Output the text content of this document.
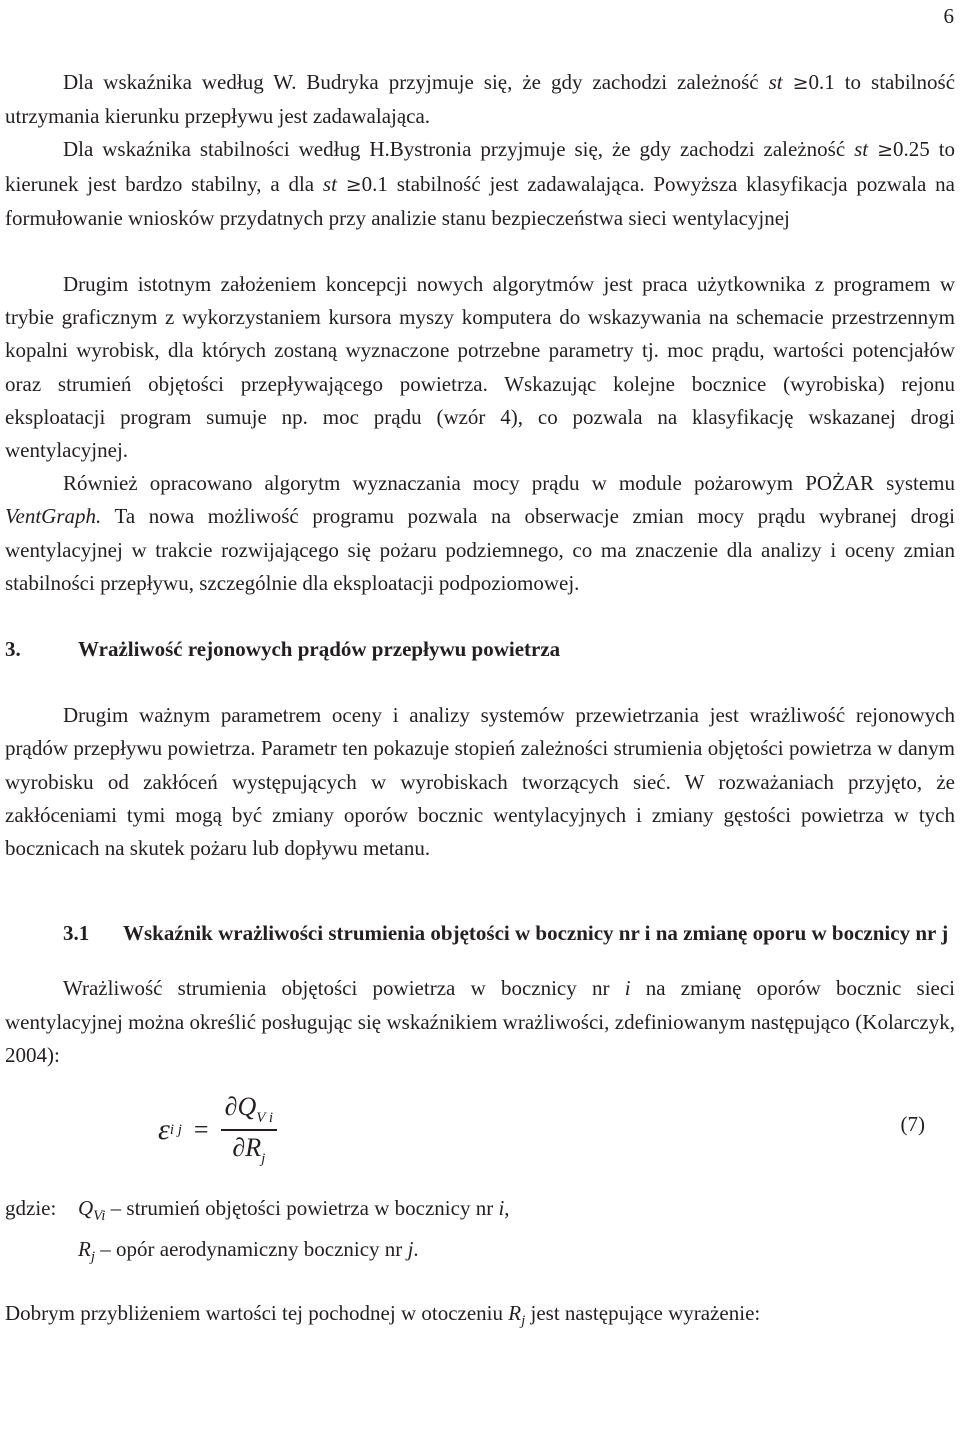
6

Dla wskaźnika według W. Budryka przyjmuje się, że gdy zachodzi zależność st ≥0.1 to stabilność utrzymania kierunku przepływu jest zadawalająca.

Dla wskaźnika stabilności według H.Bystronia przyjmuje się, że gdy zachodzi zależność st ≥0.25 to kierunek jest bardzo stabilny, a dla st ≥0.1 stabilność jest zadawalająca. Powyższa klasyfikacja pozwala na formułowanie wniosków przydatnych przy analizie stanu bezpieczeństwa sieci wentylacyjnej

Drugim istotnym założeniem koncepcji nowych algorytmów jest praca użytkownika z programem w trybie graficznym z wykorzystaniem kursora myszy komputera do wskazywania na schemacie przestrzennym kopalni wyrobisk, dla których zostaną wyznaczone potrzebne parametry tj. moc prądu, wartości potencjałów oraz strumień objętości przepływającego powietrza. Wskazując kolejne bocznice (wyrobiska) rejonu eksploatacji program sumuje np. moc prądu (wzór 4), co pozwala na klasyfikację wskazanej drogi wentylacyjnej.

Również opracowano algorytm wyznaczania mocy prądu w module pożarowym POŻAR systemu VentGraph. Ta nowa możliwość programu pozwala na obserwacje zmian mocy prądu wybranej drogi wentylacyjnej w trakcie rozwijającego się pożaru podziemnego, co ma znaczenie dla analizy i oceny zmian stabilności przepływu, szczególnie dla eksploatacji podpoziomowej.

3.	Wrażliwość rejonowych prądów przepływu powietrza

Drugim ważnym parametrem oceny i analizy systemów przewietrzania jest wrażliwość rejonowych prądów przepływu powietrza. Parametr ten pokazuje stopień zależności strumienia objętości powietrza w danym wyrobisku od zakłóceń występujących w wyrobiskach tworzących sieć. W rozważaniach przyjęto, że zakłóceniami tymi mogą być zmiany oporów bocznic wentylacyjnych i zmiany gęstości powietrza w tych bocznicach na skutek pożaru lub dopływu metanu.

3.1	Wskaźnik wrażliwości strumienia objętości w bocznicy nr i na zmianę oporu w bocznicy nr j

Wrażliwość strumienia objętości powietrza w bocznicy nr i na zmianę oporów bocznic sieci wentylacyjnej można określić posługując się wskaźnikiem wrażliwości, zdefiniowanym następująco (Kolarczyk, 2004):

ε i $j = \frac{\partial Q_{V i}}{\partial R_j}$	(7)
gdzie:	$Q_{Vi}$ – strumień objętości powietrza w bocznicy nr i,

$R_j$ – opór aerodynamiczny bocznicy nr j.

Dobrym przybliżeniem wartości tej pochodnej w otoczeniu $R_j$ jest następujące wyrażenie:
